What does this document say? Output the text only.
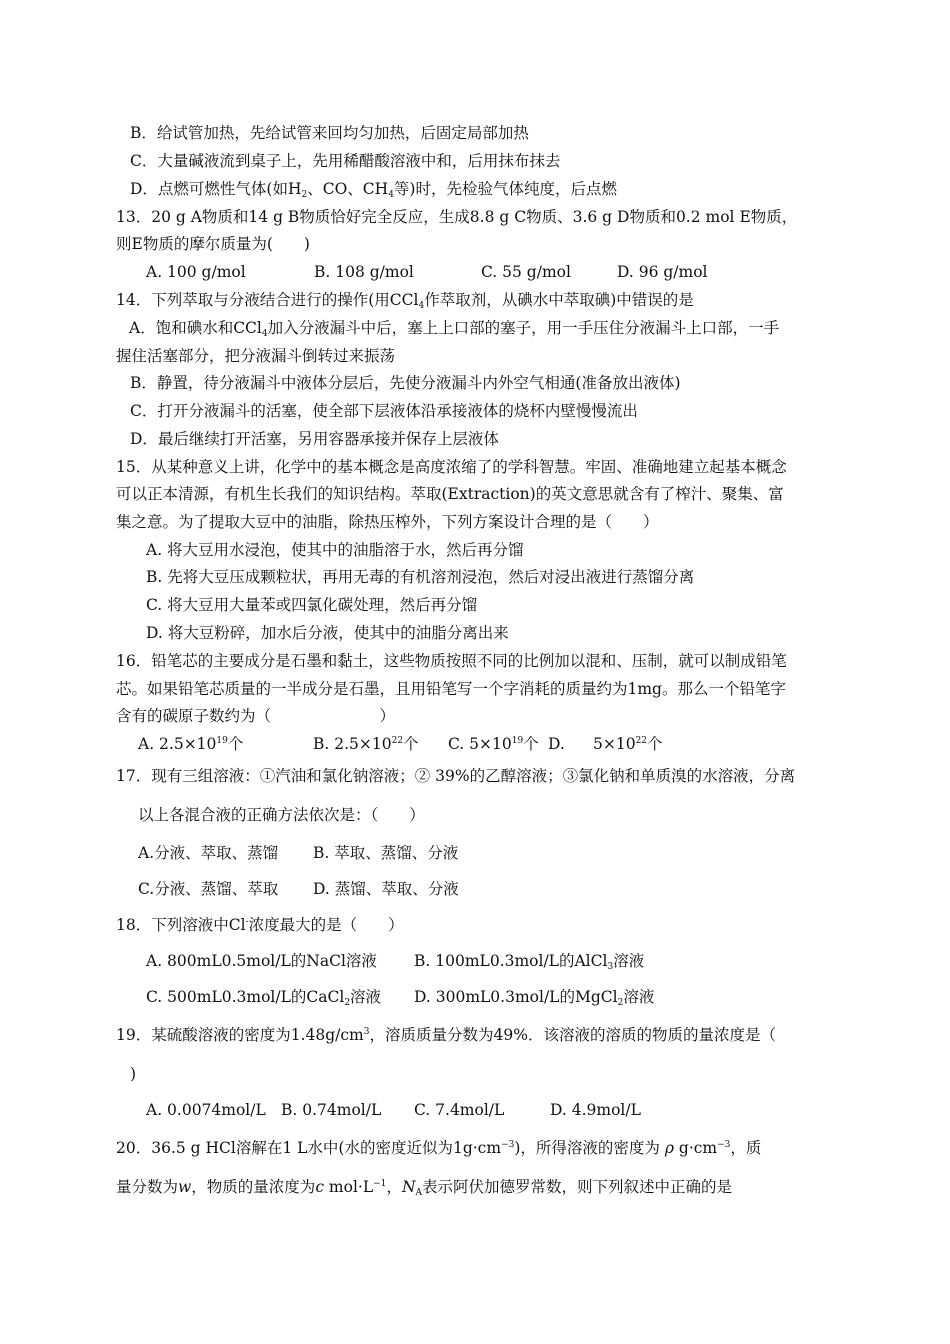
B．给试管加热，先给试管来回均匀加热，后固定局部加热
C．大量碱液流到桌子上，先用稀醋酸溶液中和，后用抹布抹去
D．点燃可燃性气体(如$H_2$、CO、$CH_4$等)时，先检验气体纯度，后点燃
13．20 g A物质和14 g B物质恰好完全反应，生成8.8 g C物质、3.6 g D物质和0.2 mol E物质，
则E物质的摩尔质量为(　　)
A. 100 g/mol	B. 108 g/mol	C. 55 g/mol	D. 96 g/mol
14．下列萃取与分液结合进行的操作(用CCl$_4$作萃取剂，从碘水中萃取碘)中错误的是
A．饱和碘水和CCl$_4$加入分液漏斗中后，塞上上口部的塞子，用一手压住分液漏斗上口部，一手
握住活塞部分，把分液漏斗倒转过来振荡
B．静置，待分液漏斗中液体分层后，先使分液漏斗内外空气相通(准备放出液体)
C．打开分液漏斗的活塞，使全部下层液体沿承接液体的烧杯内壁慢慢流出
D．最后继续打开活塞，另用容器承接并保存上层液体
15．从某种意义上讲，化学中的基本概念是高度浓缩了的学科智慧。牢固、准确地建立起基本概念
可以正本清源，有机生长我们的知识结构。萃取(Extraction)的英文意思就含有了榨汁、聚集、富
集之意。为了提取大豆中的油脂，除热压榨外，下列方案设计合理的是（　　）
A. 将大豆用水浸泡，使其中的油脂溶于水，然后再分馏
B. 先将大豆压成颗粒状，再用无毒的有机溶剂浸泡，然后对浸出液进行蒸馏分离
C. 将大豆用大量苯或四氯化碳处理，然后再分馏
D. 将大豆粉碎，加水后分液，使其中的油脂分离出来
16．铅笔芯的主要成分是石墨和黏土，这些物质按照不同的比例加以混和、压制，就可以制成铅笔
芯。如果铅笔芯质量的一半成分是石墨，且用铅笔写一个字消耗的质量约为1mg。那么一个铅笔字
含有的碳原子数约为（　　　　　　　）
A. $2.5\times 10^{19}$个	B. $2.5\times 10^{22}$个 C. $5\times 10^{19}$个 D. $5\times 10^{22}$个
17．现有三组溶液：①汽油和氯化钠溶液；② 39%的乙醇溶液；③氯化钠和单质溴的水溶液，分离
以上各混合液的正确方法依次是：（　　）
A.分液、萃取、蒸馏 B. 萃取、蒸馏、分液
C.分液、蒸馏、萃取 D. 蒸馏、萃取、分液
18．下列溶液中Cl-浓度最大的是（　　）
A. 800mL0.5mol/L的NaCl溶液 B. 100mL0.3mol/L的AlCl$_3$溶液
C. 500mL0.3mol/L的CaCl$_2$溶液 D. 300mL0.3mol/L的MgCl$_2$溶液
19．某硫酸溶液的密度为$1.48g/cm^3$，溶质质量分数为49%．该溶液的溶质的物质的量浓度是（
)
A. 0.0074mol/L B. 0.74mol/L C. 7.4mol/L	D. 4.9mol/L
20．36.5 g HCl溶解在1 L水中(水的密度近似为$1g\cdot cm^{-3}$)，所得溶液的密度为 ρ $g\cdot cm^{-3}$，质
量分数为w，物质的量浓度为c $mol\cdot L^{-1}$，$N_A$表示阿伏加德罗常数，则下列叙述中正确的是
